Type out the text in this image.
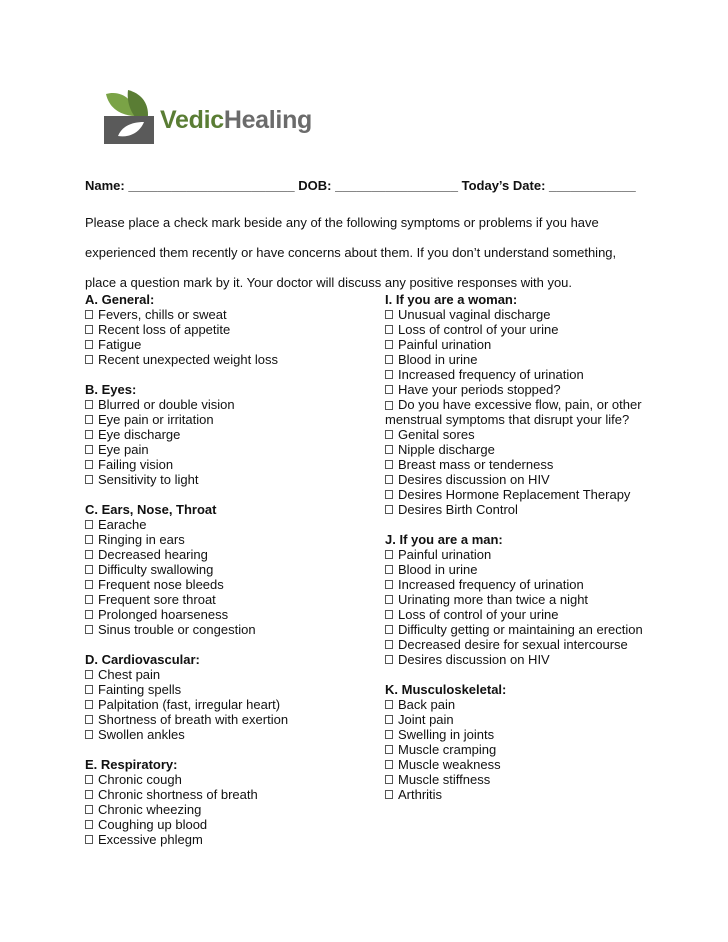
VedicHealing
Name: _______________________ DOB: _________________ Today’s Date: ____________

Please place a check mark beside any of the following symptoms or problems if you have

experienced them recently or have concerns about them. If you don’t understand something,

place a question mark by it. Your doctor will discuss any positive responses with you.

A. General:
Fevers, chills or sweat
Recent loss of appetite
Fatigue
Recent unexpected weight loss
B. Eyes:
Blurred or double vision
Eye pain or irritation
Eye discharge
Eye pain
Failing vision
Sensitivity to light
C. Ears, Nose, Throat
Earache
Ringing in ears
Decreased hearing
Difficulty swallowing
Frequent nose bleeds
Frequent sore throat
Prolonged hoarseness
Sinus trouble or congestion
D. Cardiovascular:
Chest pain
Fainting spells
Palpitation (fast, irregular heart)
Shortness of breath with exertion
Swollen ankles
E. Respiratory:
Chronic cough
Chronic shortness of breath
Chronic wheezing
Coughing up blood
Excessive phlegm
I. If you are a woman:
Unusual vaginal discharge
Loss of control of your urine
Painful urination
Blood in urine
Increased frequency of urination
Have your periods stopped?
Do you have excessive flow, pain, or other menstrual symptoms that disrupt your life?
Genital sores
Nipple discharge
Breast mass or tenderness
Desires discussion on HIV
Desires Hormone Replacement Therapy
Desires Birth Control
J. If you are a man:
Painful urination
Blood in urine
Increased frequency of urination
Urinating more than twice a night
Loss of control of your urine
Difficulty getting or maintaining an erection
Decreased desire for sexual intercourse
Desires discussion on HIV
K. Musculoskeletal:
Back pain
Joint pain
Swelling in joints
Muscle cramping
Muscle weakness
Muscle stiffness
Arthritis
